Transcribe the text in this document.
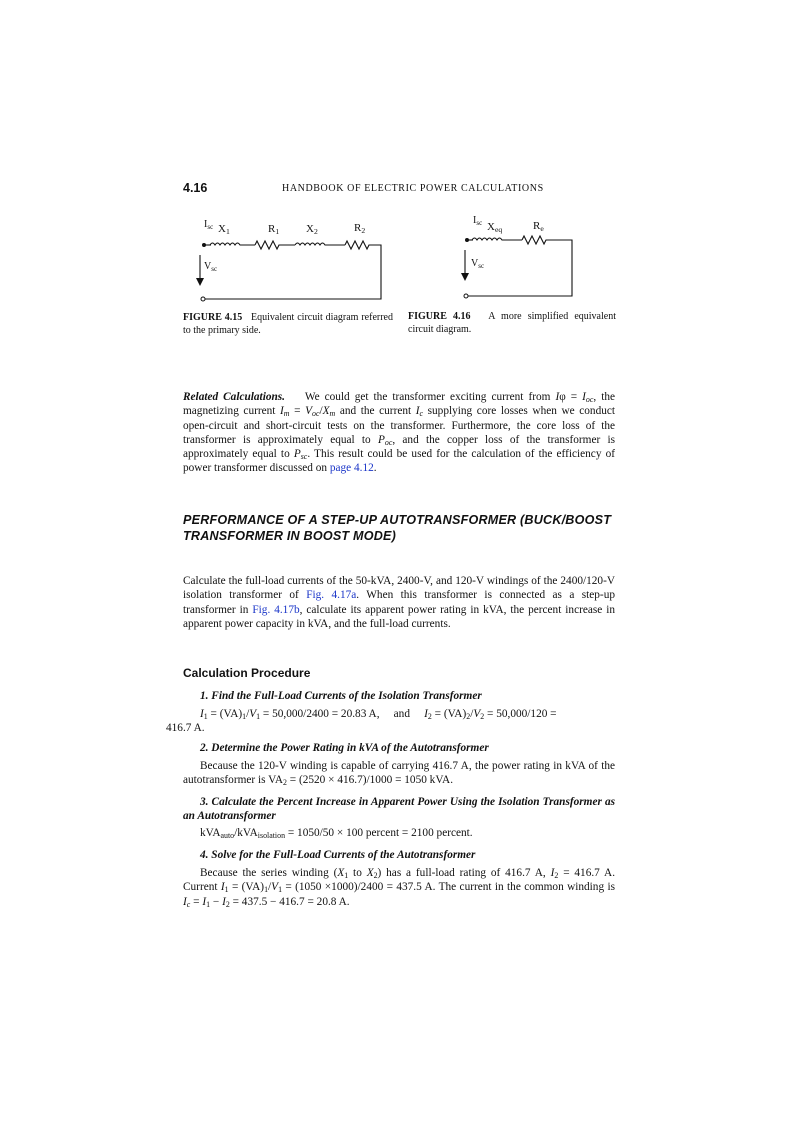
4.16	HANDBOOK OF ELECTRIC POWER CALCULATIONS
$I_{sc}$ $X_1$	$R_1$ $X_2$	$R_2$
$V_{sc}$
FIGURE 4.15 Equivalent circuit diagram referred to the primary side.
$I_{sc}$ $X_{eq}$	$R_e$
$V_{sc}$
FIGURE 4.16 A more simplified equivalent circuit diagram.
Related Calculations. We could get the transformer exciting current from $I\varphi = I_{oc}$, the magnetizing current $I_m = V_{oc}/X_m$ and the current $I_c$ supplying core losses when we conduct open-circuit and short-circuit tests on the transformer. Furthermore, the core loss of the transformer is approximately equal to $P_{oc}$, and the copper loss of the transformer is approximately equal to $P_{sc}$. This result could be used for the calculation of the efficiency of power transformer discussed on page 4.12.
PERFORMANCE OF A STEP-UP AUTOTRANSFORMER (BUCK/BOOST TRANSFORMER IN BOOST MODE)
Calculate the full-load currents of the 50-kVA, 2400-V, and 120-V windings of the 2400/120-V isolation transformer of Fig. 4.17a. When this transformer is connected as a step-up transformer in Fig. 4.17b, calculate its apparent power rating in kVA, the percent increase in apparent power capacity in kVA, and the full-load currents.
Calculation Procedure
1. Find the Full-Load Currents of the Isolation Transformer
$I_1 = (VA)_1/V_1 = 50,000/2400 = 20.83$ A, and $I_2 = (VA)_2/V_2 = 50,000/120$ =
416.7 A.
2. Determine the Power Rating in kVA of the Autotransformer
Because the 120-V winding is capable of carrying 416.7 A, the power rating in kVA of the autotransformer is $VA_2 = (2520 \times 416.7)/1000 = 1050$ kVA.
3. Calculate the Percent Increase in Apparent Power Using the Isolation Transformer as an Autotransformer
kVA$_{auto}$/kVA$_{isolation}$ = 1050/50 × 100 percent = 2100 percent.
4. Solve for the Full-Load Currents of the Autotransformer
Because the series winding ($X_1$ to $X_2$) has a full-load rating of 416.7 A, $I_2 = 416.7$ A. Current $I_1 = (VA)_1/V_1 = (1050 \times 1000)/2400 = 437.5$ A. The current in the common winding is $I_c = I_1 - I_2 = 437.5 - 416.7 = 20.8$ A.
